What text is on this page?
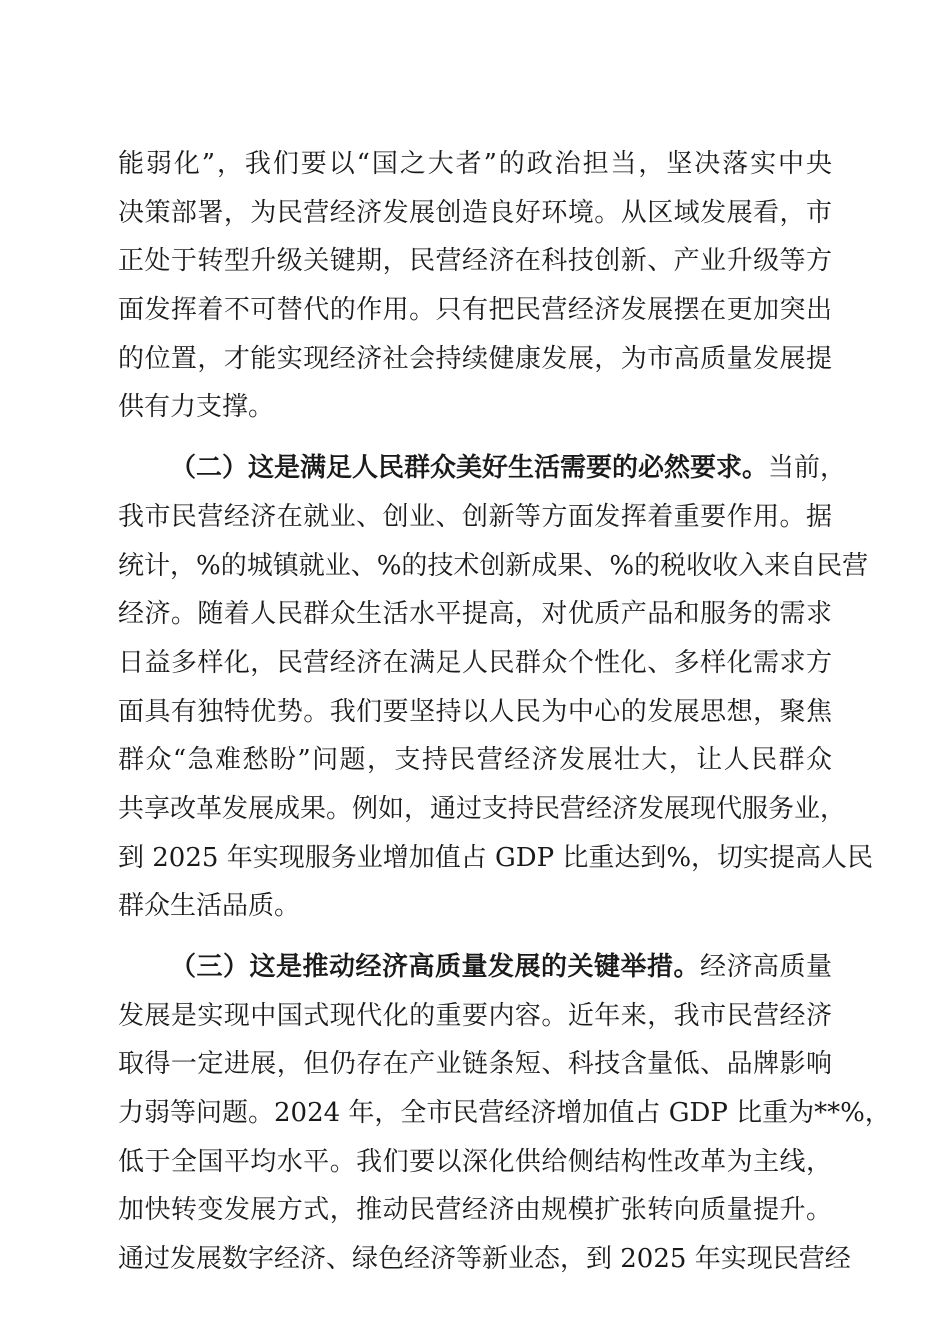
能弱化”，我们要以“国之大者”的政治担当，坚决落实中央
决策部署，为民营经济发展创造良好环境。从区域发展看，市
正处于转型升级关键期，民营经济在科技创新、产业升级等方
面发挥着不可替代的作用。只有把民营经济发展摆在更加突出
的位置，才能实现经济社会持续健康发展，为市高质量发展提
供有力支撑。
（二）这是满足人民群众美好生活需要的必然要求。当前，
我市民营经济在就业、创业、创新等方面发挥着重要作用。据
统计，%的城镇就业、%的技术创新成果、%的税收收入来自民营
经济。随着人民群众生活水平提高，对优质产品和服务的需求
日益多样化，民营经济在满足人民群众个性化、多样化需求方
面具有独特优势。我们要坚持以人民为中心的发展思想，聚焦
群众“急难愁盼”问题，支持民营经济发展壮大，让人民群众
共享改革发展成果。例如，通过支持民营经济发展现代服务业，
到 2025 年实现服务业增加值占 GDP 比重达到%，切实提高人民
群众生活品质。
（三）这是推动经济高质量发展的关键举措。经济高质量
发展是实现中国式现代化的重要内容。近年来，我市民营经济
取得一定进展，但仍存在产业链条短、科技含量低、品牌影响
力弱等问题。2024 年，全市民营经济增加值占 GDP 比重为**%，
低于全国平均水平。我们要以深化供给侧结构性改革为主线，
加快转变发展方式，推动民营经济由规模扩张转向质量提升。
通过发展数字经济、绿色经济等新业态，到 2025 年实现民营经
